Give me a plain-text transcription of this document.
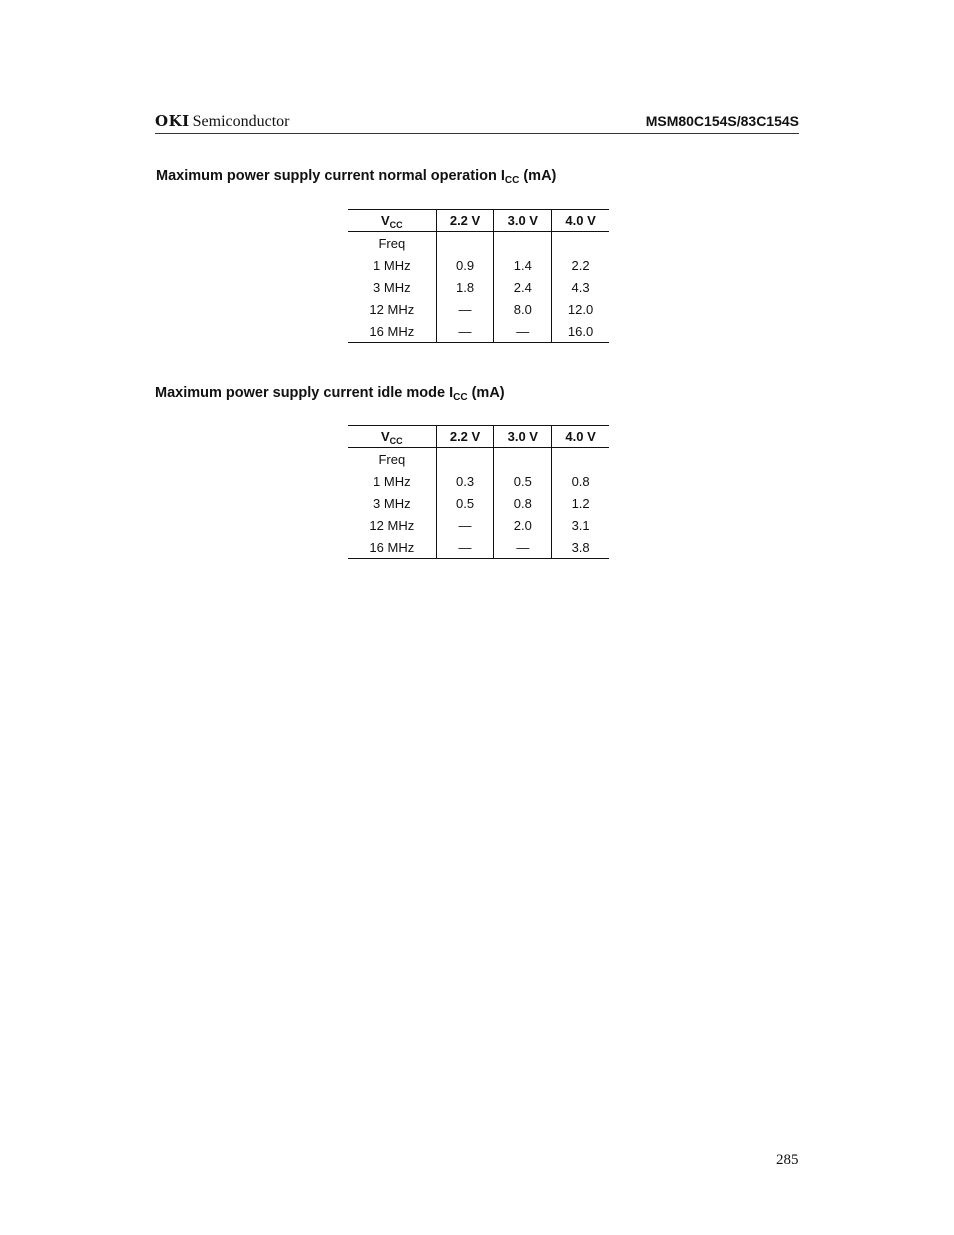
OKI Semiconductor	MSM80C154S/83C154S
Maximum power supply current normal operation $I_{CC}$ (mA)
$V_{CC}$	2.2 V	3.0 V	4.0 V
Freq			
1 MHz	0.9	1.4	2.2
3 MHz	1.8	2.4	4.3
12 MHz	—	8.0	12.0
16 MHz	—	—	16.0
Maximum power supply current idle mode $I_{CC}$ (mA)
$V_{CC}$	2.2 V	3.0 V	4.0 V
Freq			
1 MHz	0.3	0.5	0.8
3 MHz	0.5	0.8	1.2
12 MHz	—	2.0	3.1
16 MHz	—	—	3.8
285
